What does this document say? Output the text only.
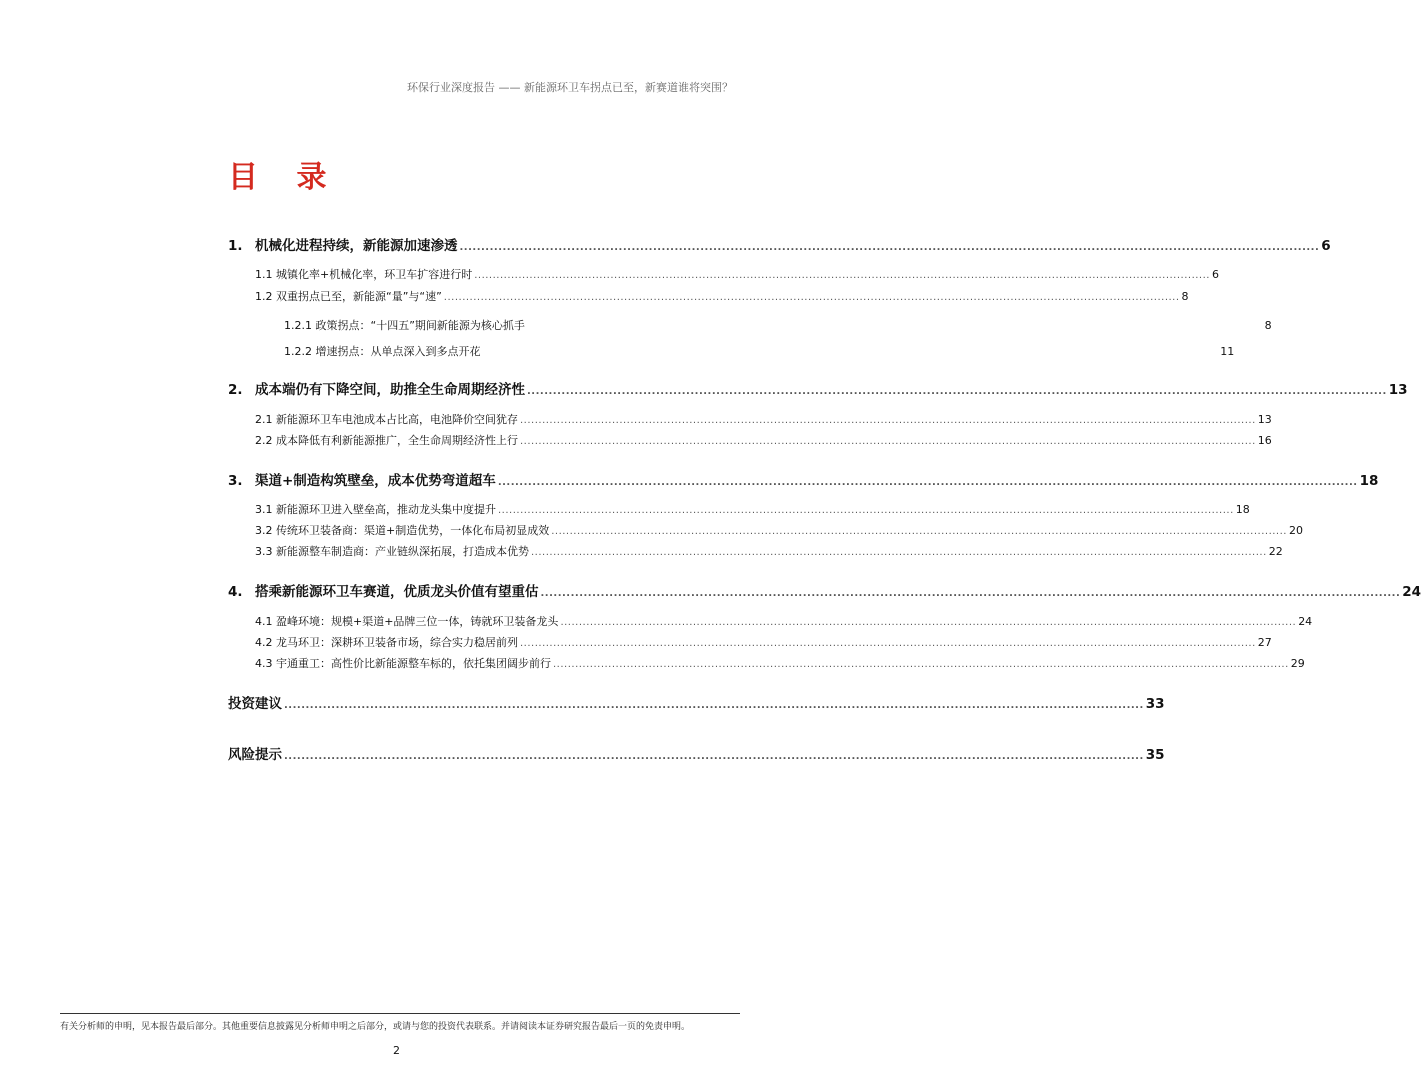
环保行业深度报告 —— 新能源环卫车拐点已至，新赛道谁将突围？
目 录
1. 机械化进程持续，新能源加速渗透 ........................................................................................................................................................................................................ 6
1.1 城镇化率+机械化率，环卫车扩容进行时 ........................................................................................................................................................................................................ 6
1.2 双重拐点已至，新能源“量”与“速” ........................................................................................................................................................................................................ 8
1.2.1 政策拐点：“十四五”期间新能源为核心抓手	8
1.2.2 增速拐点：从单点深入到多点开花	11
2. 成本端仍有下降空间，助推全生命周期经济性 ........................................................................................................................................................................................................ 13
2.1 新能源环卫车电池成本占比高，电池降价空间犹存 ........................................................................................................................................................................................................ 13
2.2 成本降低有利新能源推广，全生命周期经济性上行 ........................................................................................................................................................................................................ 16
3. 渠道+制造构筑壁垒，成本优势弯道超车 ........................................................................................................................................................................................................ 18
3.1 新能源环卫进入壁垒高，推动龙头集中度提升 ........................................................................................................................................................................................................ 18
3.2 传统环卫装备商：渠道+制造优势，一体化布局初显成效 ........................................................................................................................................................................................................ 20
3.3 新能源整车制造商：产业链纵深拓展，打造成本优势 ........................................................................................................................................................................................................ 22
4. 搭乘新能源环卫车赛道，优质龙头价值有望重估 ........................................................................................................................................................................................................ 24
4.1 盈峰环境：规模+渠道+品牌三位一体，铸就环卫装备龙头 ........................................................................................................................................................................................................ 24
4.2 龙马环卫：深耕环卫装备市场，综合实力稳居前列 ........................................................................................................................................................................................................ 27
4.3 宇通重工：高性价比新能源整车标的，依托集团阔步前行 ........................................................................................................................................................................................................ 29
投资建议 ........................................................................................................................................................................................................ 33
风险提示 ........................................................................................................................................................................................................ 35
有关分析师的申明，见本报告最后部分。其他重要信息披露见分析师申明之后部分，或请与您的投资代表联系。并请阅读本证券研究报告最后一页的免责申明。
2
